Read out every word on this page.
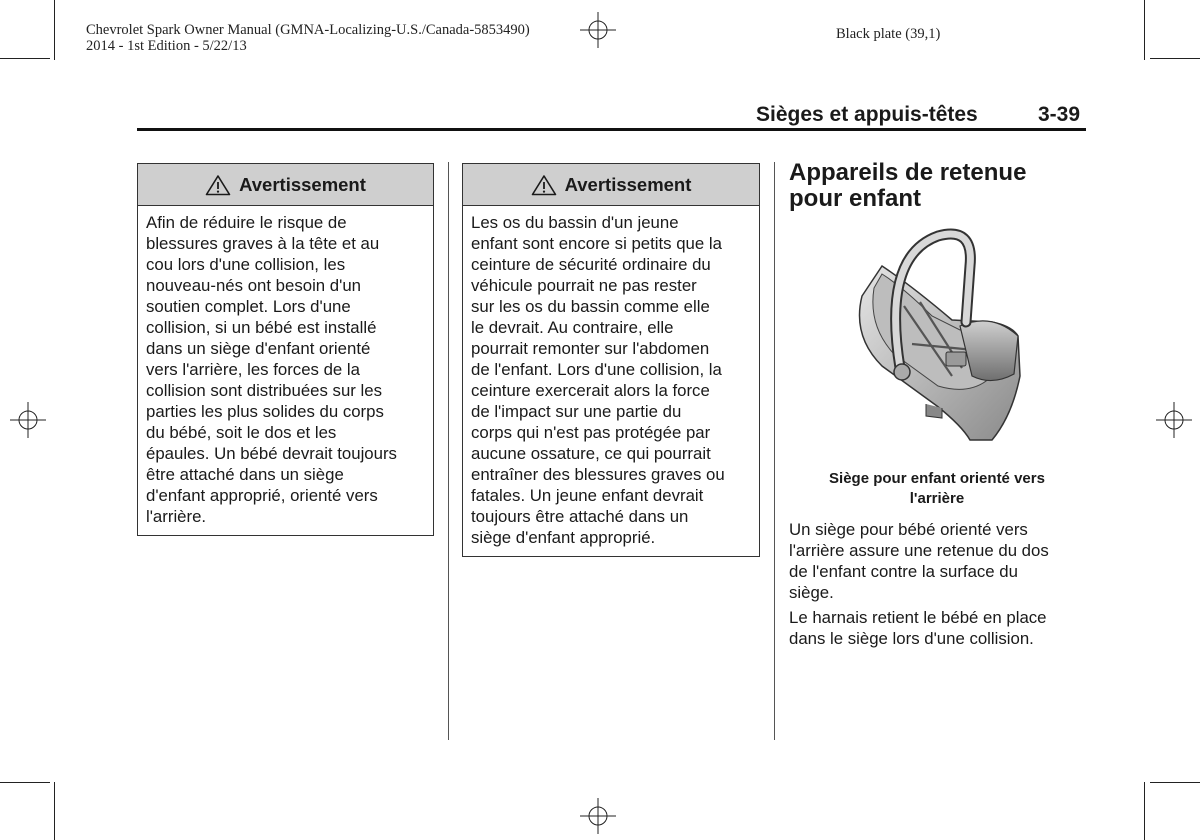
Chevrolet Spark Owner Manual (GMNA-Localizing-U.S./Canada-5853490)
2014 - 1st Edition - 5/22/13
Black plate (39,1)
Sièges et appuis-têtes	3-39
Avertissement
Afin de réduire le risque de
blessures graves à la tête et au
cou lors d'une collision, les
nouveau-nés ont besoin d'un
soutien complet. Lors d'une
collision, si un bébé est installé
dans un siège d'enfant orienté
vers l'arrière, les forces de la
collision sont distribuées sur les
parties les plus solides du corps
du bébé, soit le dos et les
épaules. Un bébé devrait toujours
être attaché dans un siège
d'enfant approprié, orienté vers
l'arrière.
Avertissement
Les os du bassin d'un jeune
enfant sont encore si petits que la
ceinture de sécurité ordinaire du
véhicule pourrait ne pas rester
sur les os du bassin comme elle
le devrait. Au contraire, elle
pourrait remonter sur l'abdomen
de l'enfant. Lors d'une collision, la
ceinture exercerait alors la force
de l'impact sur une partie du
corps qui n'est pas protégée par
aucune ossature, ce qui pourrait
entraîner des blessures graves ou
fatales. Un jeune enfant devrait
toujours être attaché dans un
siège d'enfant approprié.
Appareils de retenue
pour enfant
Siège pour enfant orienté vers
l'arrière
Un siège pour bébé orienté vers
l'arrière assure une retenue du dos
de l'enfant contre la surface du
siège.
Le harnais retient le bébé en place
dans le siège lors d'une collision.
